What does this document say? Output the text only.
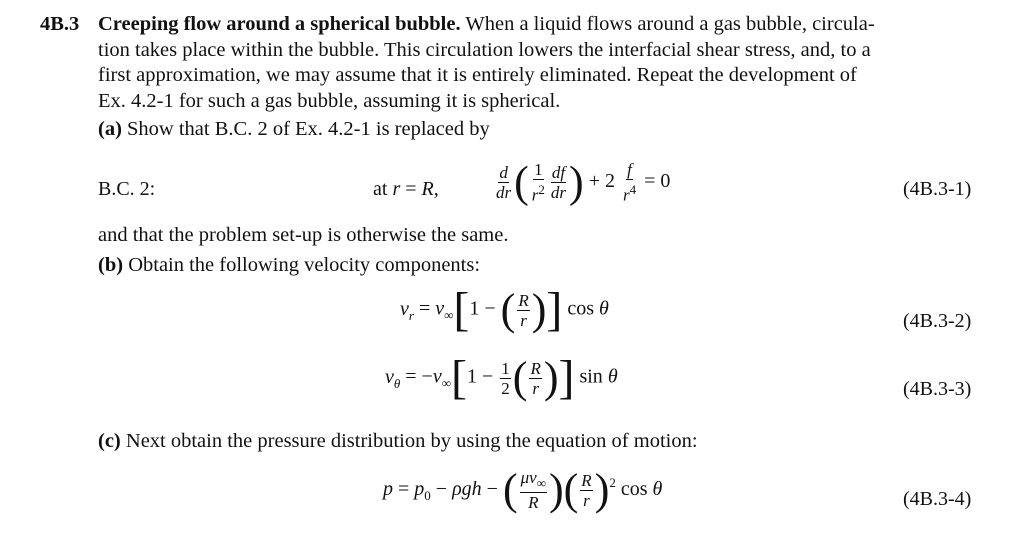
4B.3 Creeping flow around a spherical bubble. When a liquid flows around a gas bubble, circula-
tion takes place within the bubble. This circulation lowers the interfacial shear stress, and, to a
first approximation, we may assume that it is entirely eliminated. Repeat the development of
Ex. 4.2-1 for such a gas bubble, assuming it is spherical.
(a) Show that B.C. 2 of Ex. 4.2-1 is replaced by
B.C. 2:	at r = R,	$\frac{d}{dr}$ ( $\frac{1}{r^2} \frac{df}{dr}$ ) + $2 \frac{f}{r^4} = 0$	(4B.3-1)
and that the problem set-up is otherwise the same.
(b) Obtain the following velocity components:
$v_r = v_\infty[1$ − ( $\frac{R}{r}$ )] cos θ
(4B.3-2)
$v_\theta = -v_\infty[1 - \frac{1}{2}$ ( $\frac{R}{r}$ )] sin θ
(4B.3-3)
(c) Next obtain the pressure distribution by using the equation of motion:
$p = p_0 - \rho gh$ − ( $\frac{\mu v_\infty}{R}$ )( $\frac{R}{r} )^2$ cos θ	(4B.3-4)
